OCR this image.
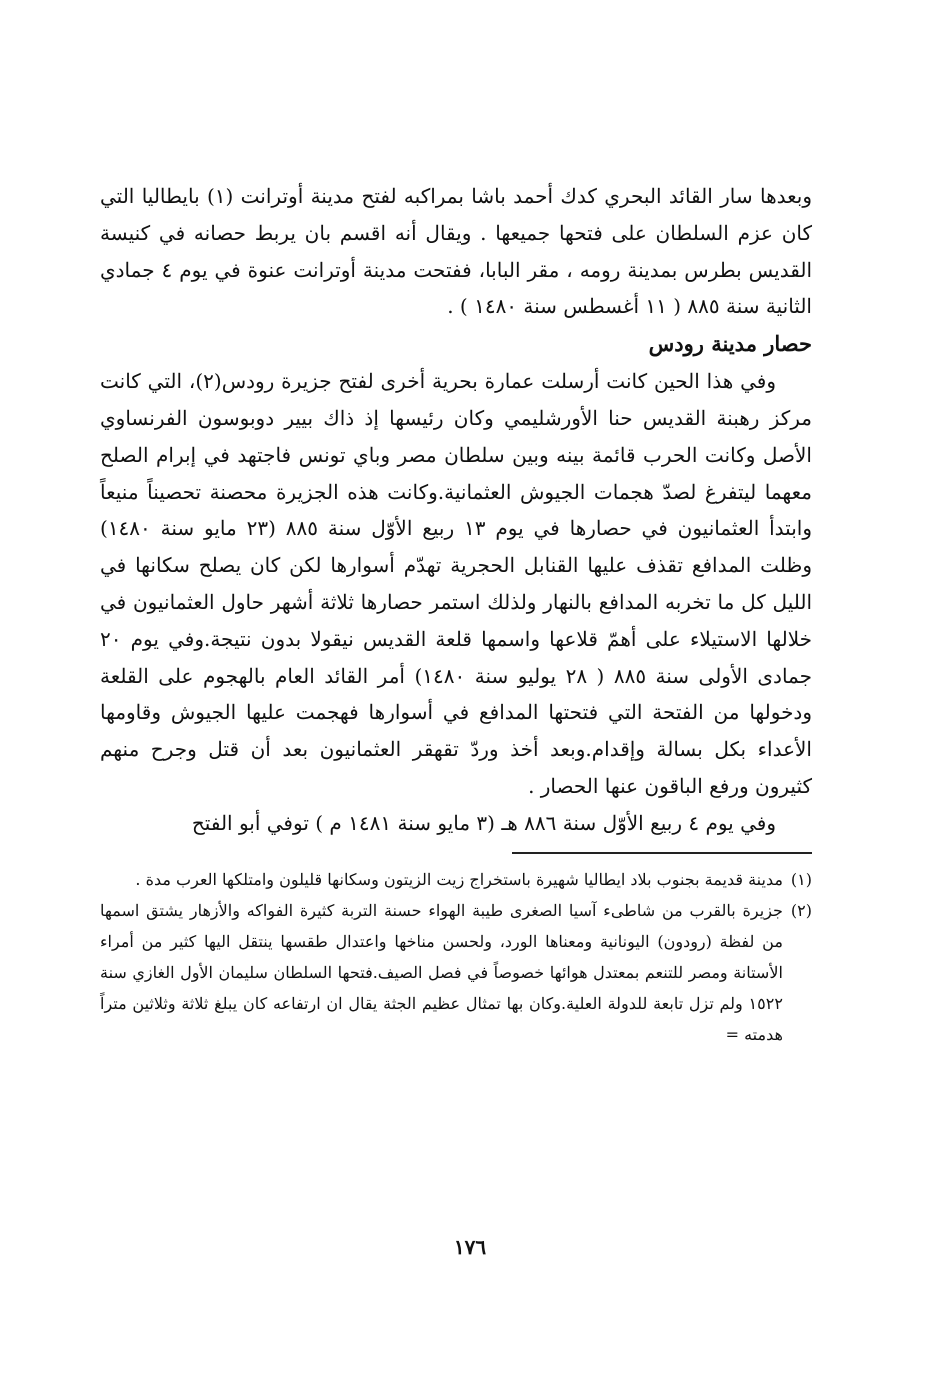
وبعدها سار القائد البحري كدك أحمد باشا بمراكبه لفتح مدينة أوترانت (١) بايطاليا التي كان عزم السلطان على فتحها جميعها . ويقال أنه اقسم بان يربط حصانه في كنيسة القديس بطرس بمدينة رومه ، مقر البابا، ففتحت مدينة أوترانت عنوة في يوم ٤ جمادي الثانية سنة ٨٨٥ ( ١١ أغسطس سنة ١٤٨٠ ) .

حصار مدينة رودس

وفي هذا الحين كانت أرسلت عمارة بحرية أخرى لفتح جزيرة رودس(٢)، التي كانت مركز رهبنة القديس حنا الأورشليمي وكان رئيسها إذ ذاك بيير دوبوسون الفرنساوي الأصل وكانت الحرب قائمة بينه وبين سلطان مصر وباي تونس فاجتهد في إبرام الصلح معهما ليتفرغ لصدّ هجمات الجيوش العثمانية.وكانت هذه الجزيرة محصنة تحصيناً منيعاً وابتدأ العثمانيون في حصارها في يوم ١٣ ربيع الأوّل سنة ٨٨٥ (٢٣ مايو سنة ١٤٨٠) وظلت المدافع تقذف عليها القنابل الحجرية تهدّم أسوارها لكن كان يصلح سكانها في الليل كل ما تخربه المدافع بالنهار ولذلك استمر حصارها ثلاثة أشهر حاول العثمانيون في خلالها الاستيلاء على أهمّ قلاعها واسمها قلعة القديس نيقولا بدون نتيجة.وفي يوم ٢٠ جمادى الأولى سنة ٨٨٥ ( ٢٨ يوليو سنة ١٤٨٠) أمر القائد العام بالهجوم على القلعة ودخولها من الفتحة التي فتحتها المدافع في أسوارها فهجمت عليها الجيوش وقاومها الأعداء بكل بسالة وإقدام.وبعد أخذ وردّ تقهقر العثمانيون بعد أن قتل وجرح منهم كثيرون ورفع الباقون عنها الحصار .

وفي يوم ٤ ربيع الأوّل سنة ٨٨٦ هـ (٣ مايو سنة ١٤٨١ م ) توفي أبو الفتح

(١)
مدينة قديمة بجنوب بلاد ايطاليا شهيرة باستخراج زيت الزيتون وسكانها قليلون وامتلكها العرب مدة .
(٢)
جزيرة بالقرب من شاطىء آسيا الصغرى طيبة الهواء حسنة التربة كثيرة الفواكه والأزهار يشتق اسمها من لفظة (رودون) اليونانية ومعناها الورد، ولحسن مناخها واعتدال طقسها ينتقل اليها كثير من أمراء الأستانة ومصر للتنعم بمعتدل هوائها خصوصاً في فصل الصيف.فتحها السلطان سليمان الأول الغازي سنة ١٥٢٢ ولم تزل تابعة للدولة العلية.وكان بها تمثال عظيم الجثة يقال ان ارتفاعه كان يبلغ ثلاثة وثلاثين متراً هدمته =
١٧٦
